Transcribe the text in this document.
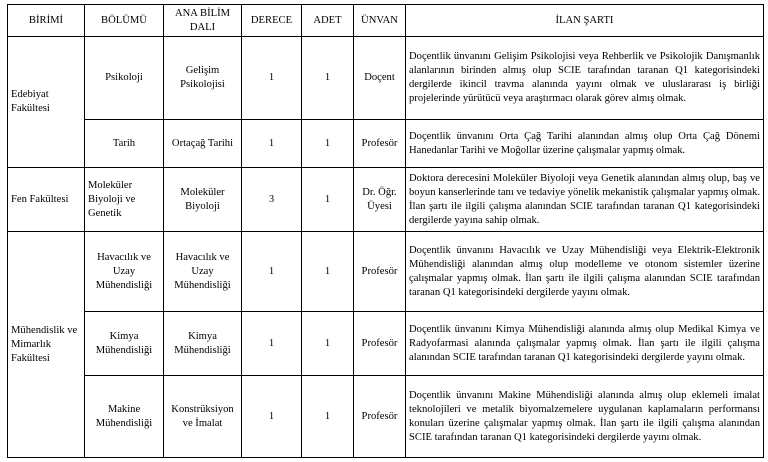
BİRİMİ	BÖLÜMÜ	ANA BİLİM DALI	DERECE	ADET	ÜNVAN	İLAN ŞARTI
Edebiyat Fakültesi	Psikoloji	Gelişim Psikolojisi	1	1	Doçent	Doçentlik ünvanını Gelişim Psikolojisi veya Rehberlik ve Psikolojik Danışmanlık alanlarının birinden almış olup SCIE tarafından taranan Q1 kategorisindeki dergilerde ikincil travma alanında yayını olmak ve uluslararası iş birliği projelerinde yürütücü veya araştırmacı olarak görev almış olmak.
	Tarih	Ortaçağ Tarihi	1	1	Profesör	Doçentlik ünvanını Orta Çağ Tarihi alanından almış olup Orta Çağ Dönemi Hanedanlar Tarihi ve Moğollar üzerine çalışmalar yapmış olmak.
Fen Fakültesi	Moleküler Biyoloji ve Genetik	Moleküler Biyoloji	3	1	Dr. Öğr. Üyesi	Doktora derecesini Moleküler Biyoloji veya Genetik alanından almış olup, baş ve boyun kanserlerinde tanı ve tedaviye yönelik mekanistik çalışmalar yapmış olmak. İlan şartı ile ilgili çalışma alanından SCIE tarafından taranan Q1 kategorisindeki dergilerde yayına sahip olmak.
Mühendislik ve Mimarlık Fakültesi	Havacılık ve Uzay Mühendisliği	Havacılık ve Uzay Mühendisliği	1	1	Profesör	Doçentlik ünvanını Havacılık ve Uzay Mühendisliği veya Elektrik-Elektronik Mühendisliği alanından almış olup modelleme ve otonom sistemler üzerine çalışmalar yapmış olmak. İlan şartı ile ilgili çalışma alanından SCIE tarafından taranan Q1 kategorisindeki dergilerde yayını olmak.
	Kimya Mühendisliği	Kimya Mühendisliği	1	1	Profesör	Doçentlik ünvanını Kimya Mühendisliği alanında almış olup Medikal Kimya ve Radyofarmasi alanında çalışmalar yapmış olmak. İlan şartı ile ilgili çalışma alanından SCIE tarafından taranan Q1 kategorisindeki dergilerde yayını olmak.
	Makine Mühendisliği	Konstrüksiyon ve İmalat	1	1	Profesör	Doçentlik ünvanını Makine Mühendisliği alanında almış olup eklemeli imalat teknolojileri ve metalik biyomalzemelere uygulanan kaplamaların performansı konuları üzerine çalışmalar yapmış olmak. İlan şartı ile ilgili çalışma alanından SCIE tarafından taranan Q1 kategorisindeki dergilerde yayını olmak.
